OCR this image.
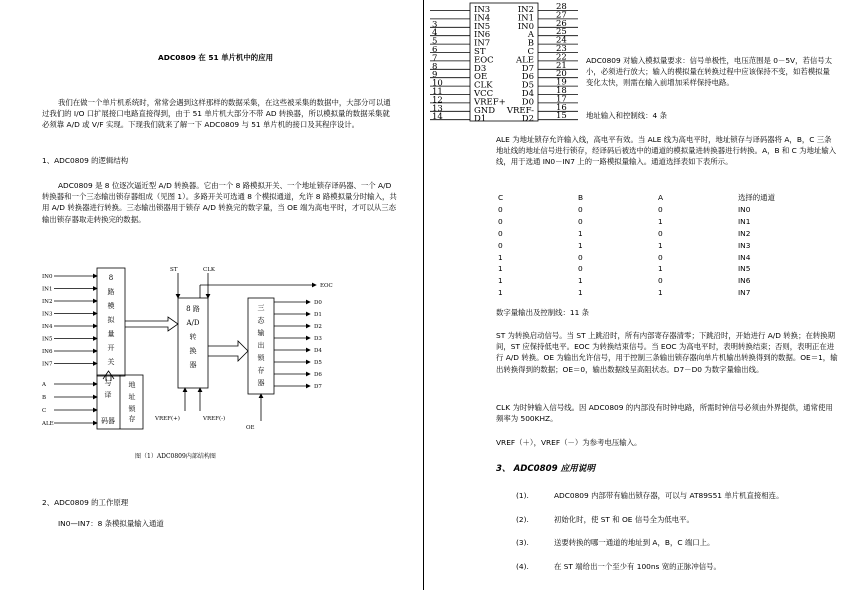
ADC0809 在 51 单片机中的应用
我们在做一个单片机系统时，常常会遇到这样那样的数据采集，在这些被采集的数据中，大部分可以通过我们的 I/O 口扩展接口电路直接得到，由于 51 单片机大部分不带 AD 转换器，所以模拟量的数据采集就必须靠 A/D 或 V/F 实现。下现我们就来了解一下 ADC0809 与 51 单片机的接口及其程序设计。
1、ADC0809 的逻辑结构
ADC0809 是 8 位逐次逼近型 A/D 转换器。它由一个 8 路模拟开关、一个地址锁存译码器、一个 A/D 转换器和一个三态输出锁存器组成（见图 1）。多路开关可选通 8 个模拟通道，允许 8 路模拟量分时输入，共用 A/D 转换器进行转换。三态输出锁器用于锁存 A/D 转换完的数字量，当 OE 端为高电平时，才可以从三态输出锁存器取走转换完的数据。
IN0
IN1
IN2
IN3
IN4
IN5
IN6
IN7
A
B
C
ALE
D0
D1
D2
D3
D4
D5
D6
D7
8
路
模
拟
量
开
关
8 路
A/D
转
换
器
三
态
输
出
锁
存
器
地
址
锁
存
与
译
码器
ST	CLK
EOC
VREF(+)	VREF(-)
OE
图（1）ADC0809内部结构图
2、ADC0809 的工作原理
IN0—IN7：8 条模拟量输入通道
IN3
IN4
IN5
IN6
IN7
ST
EOC
D3
OE
CLK
VCC
VREF+
GND
D1
3
4
5
6
7
8
9
10
11
12
13
14
IN2
IN1
IN0
A
B
C
ALE
D7
D6
D5
D4
D0
VREF-
D2
28
27
26
25
24
23
22
21
20
19
18
17
16
15
ADC0809 对输入模拟量要求：信号单极性，电压范围是 0－5V，若信号太小，必须进行放大；输入的模拟量在转换过程中应该保持不变，如若模拟量变化太快，则需在输入前增加采样保持电路。
地址输入和控制线：4 条
ALE 为地址锁存允许输入线，高电平有效。当 ALE 线为高电平时，地址锁存与译码器将 A，B，C 三条地址线的地址信号进行锁存，经译码后被选中的通道的模拟量进转换器进行转换。A，B 和 C 为地址输入线，用于选通 IN0－IN7 上的一路模拟量输入。通道选择表如下表所示。
C	B	A	选择的通道
0	0	0	IN0
0	0	1	IN1
0	1	0	IN2
0	1	1	IN3
1	0	0	IN4
1	0	1	IN5
1	1	0	IN6
1	1	1	IN7
数字量输出及控制线：11 条
ST 为转换启动信号。当 ST 上跳沿时，所有内部寄存器清零；下跳沿时，开始进行 A/D 转换；在转换期间，ST 应保持低电平。EOC 为转换结束信号。当 EOC 为高电平时，表明转换结束；否则，表明正在进行 A/D 转换。OE 为输出允许信号，用于控制三条输出锁存器向单片机输出转换得到的数据。OE＝1，输出转换得到的数据；OE＝0，输出数据线呈高阻状态。D7－D0 为数字量输出线。
CLK 为时钟输入信号线。因 ADC0809 的内部没有时钟电路，所需时钟信号必须由外界提供，通常使用频率为 500KHZ。
VREF（＋），VREF（－）为参考电压输入。
3、 ADC0809 应用说明
(1).	ADC0809 内部带有输出锁存器，可以与 AT89S51 单片机直接相连。
(2).	初始化时，使 ST 和 OE 信号全为低电平。
(3).	送要转换的哪一通道的地址到 A，B，C 端口上。
(4).	在 ST 端给出一个至少有 100ns 宽的正脉冲信号。
